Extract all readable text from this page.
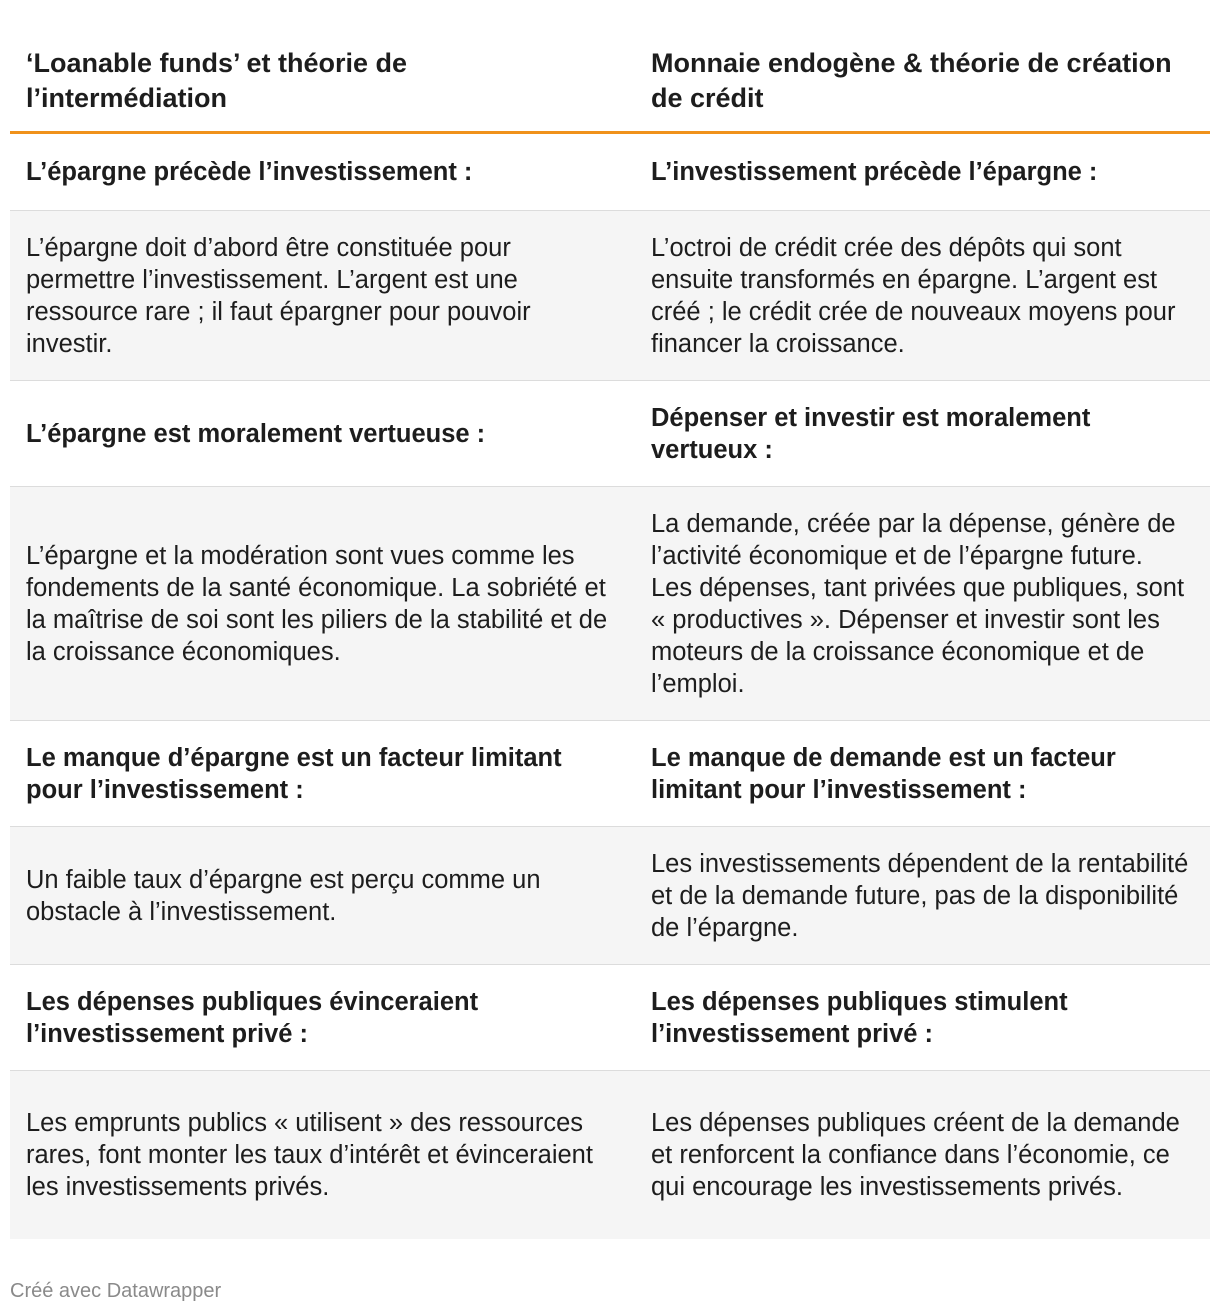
‘Loanable funds’ et théorie de l’intermédiation
Monnaie endogène & théorie de création de crédit
L’épargne précède l’investissement :	L’investissement précède l’épargne :
L’épargne doit d’abord être constituée pour permettre l’investissement. L’argent est une ressource rare ; il faut épargner pour pouvoir investir.
L’octroi de crédit crée des dépôts qui sont ensuite transformés en épargne. L’argent est créé ; le crédit crée de nouveaux moyens pour financer la croissance.
L’épargne est moralement vertueuse :
Dépenser et investir est moralement vertueux :
L’épargne et la modération sont vues comme les fondements de la santé économique. La sobriété et la maîtrise de soi sont les piliers de la stabilité et de la croissance économiques.
La demande, créée par la dépense, génère de l’activité économique et de l’épargne future. Les dépenses, tant privées que publiques, sont « productives ». Dépenser et investir sont les moteurs de la croissance économique et de l’emploi.
Le manque d’épargne est un facteur limitant pour l’investissement :
Le manque de demande est un facteur limitant pour l’investissement :
Un faible taux d’épargne est perçu comme un obstacle à l’investissement.
Les investissements dépendent de la rentabilité et de la demande future, pas de la disponibilité de l’épargne.
Les dépenses publiques évinceraient l’investissement privé :
Les dépenses publiques stimulent l’investissement privé :
Les emprunts publics « utilisent » des ressources rares, font monter les taux d’intérêt et évinceraient les investissements privés.
Les dépenses publiques créent de la demande et renforcent la confiance dans l’économie, ce qui encourage les investissements privés.
Créé avec Datawrapper
